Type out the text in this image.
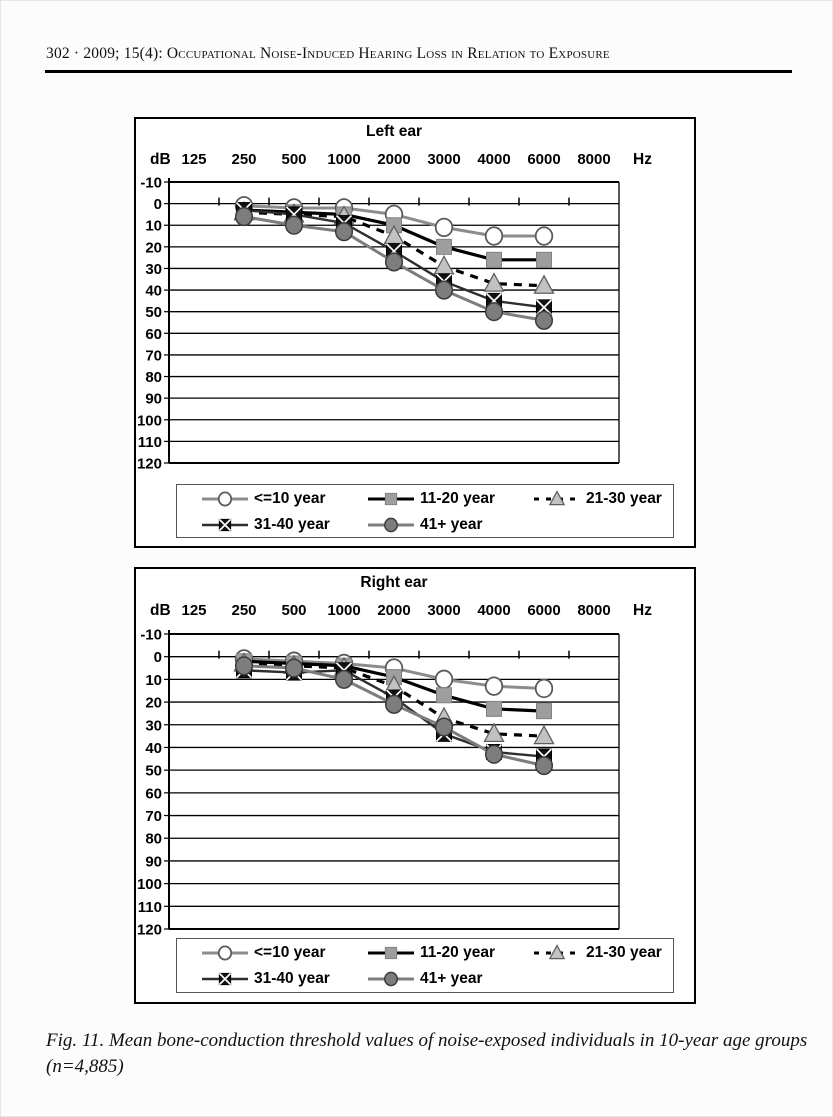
302 · 2009; 15(4): Occupational Noise-Induced Hearing Loss in Relation to Exposure
Left ear
dB 125 250 500 1000 2000 3000 4000 6000 8000 Hz
-10
0
10
20
30
40
50
60
70
80
90
100
110
120
<=10 year	11-20 year	21-30 year
31-40 year	41+ year
Right ear
dB 125 250 500 1000 2000 3000 4000 6000 8000 Hz
-10
0
10
20
30
40
50
60
70
80
90
100
110
120
<=10 year	11-20 year	21-30 year
31-40 year	41+ year
Fig. 11. Mean bone-conduction threshold values of noise-exposed individuals in 10-year age groups (n=4,885)
